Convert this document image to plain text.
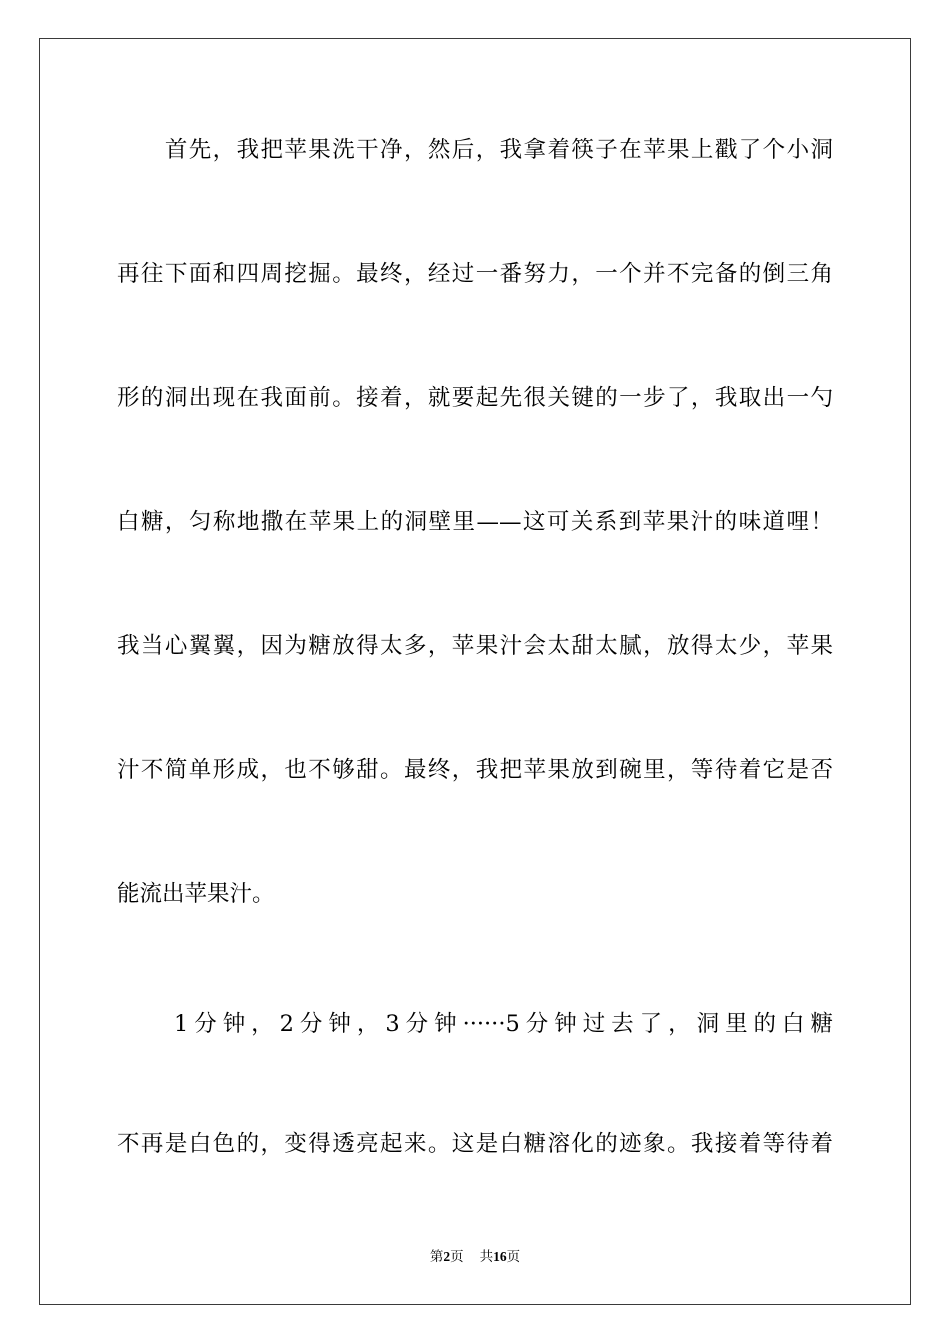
　　首先，我把苹果洗干净，然后，我拿着筷子在苹果上戳了个小洞
再往下面和四周挖掘。最终，经过一番努力，一个并不完备的倒三角
形的洞出现在我面前。接着，就要起先很关键的一步了，我取出一勺
白糖，匀称地撒在苹果上的洞壁里——这可关系到苹果汁的味道哩！
我当心翼翼，因为糖放得太多，苹果汁会太甜太腻，放得太少，苹果
汁不简单形成，也不够甜。最终，我把苹果放到碗里，等待着它是否
能流出苹果汁。
　　1分钟，2分钟，3分钟······5分钟过去了，洞里的白糖
不再是白色的，变得透亮起来。这是白糖溶化的迹象。我接着等待着
第2页 共16页
